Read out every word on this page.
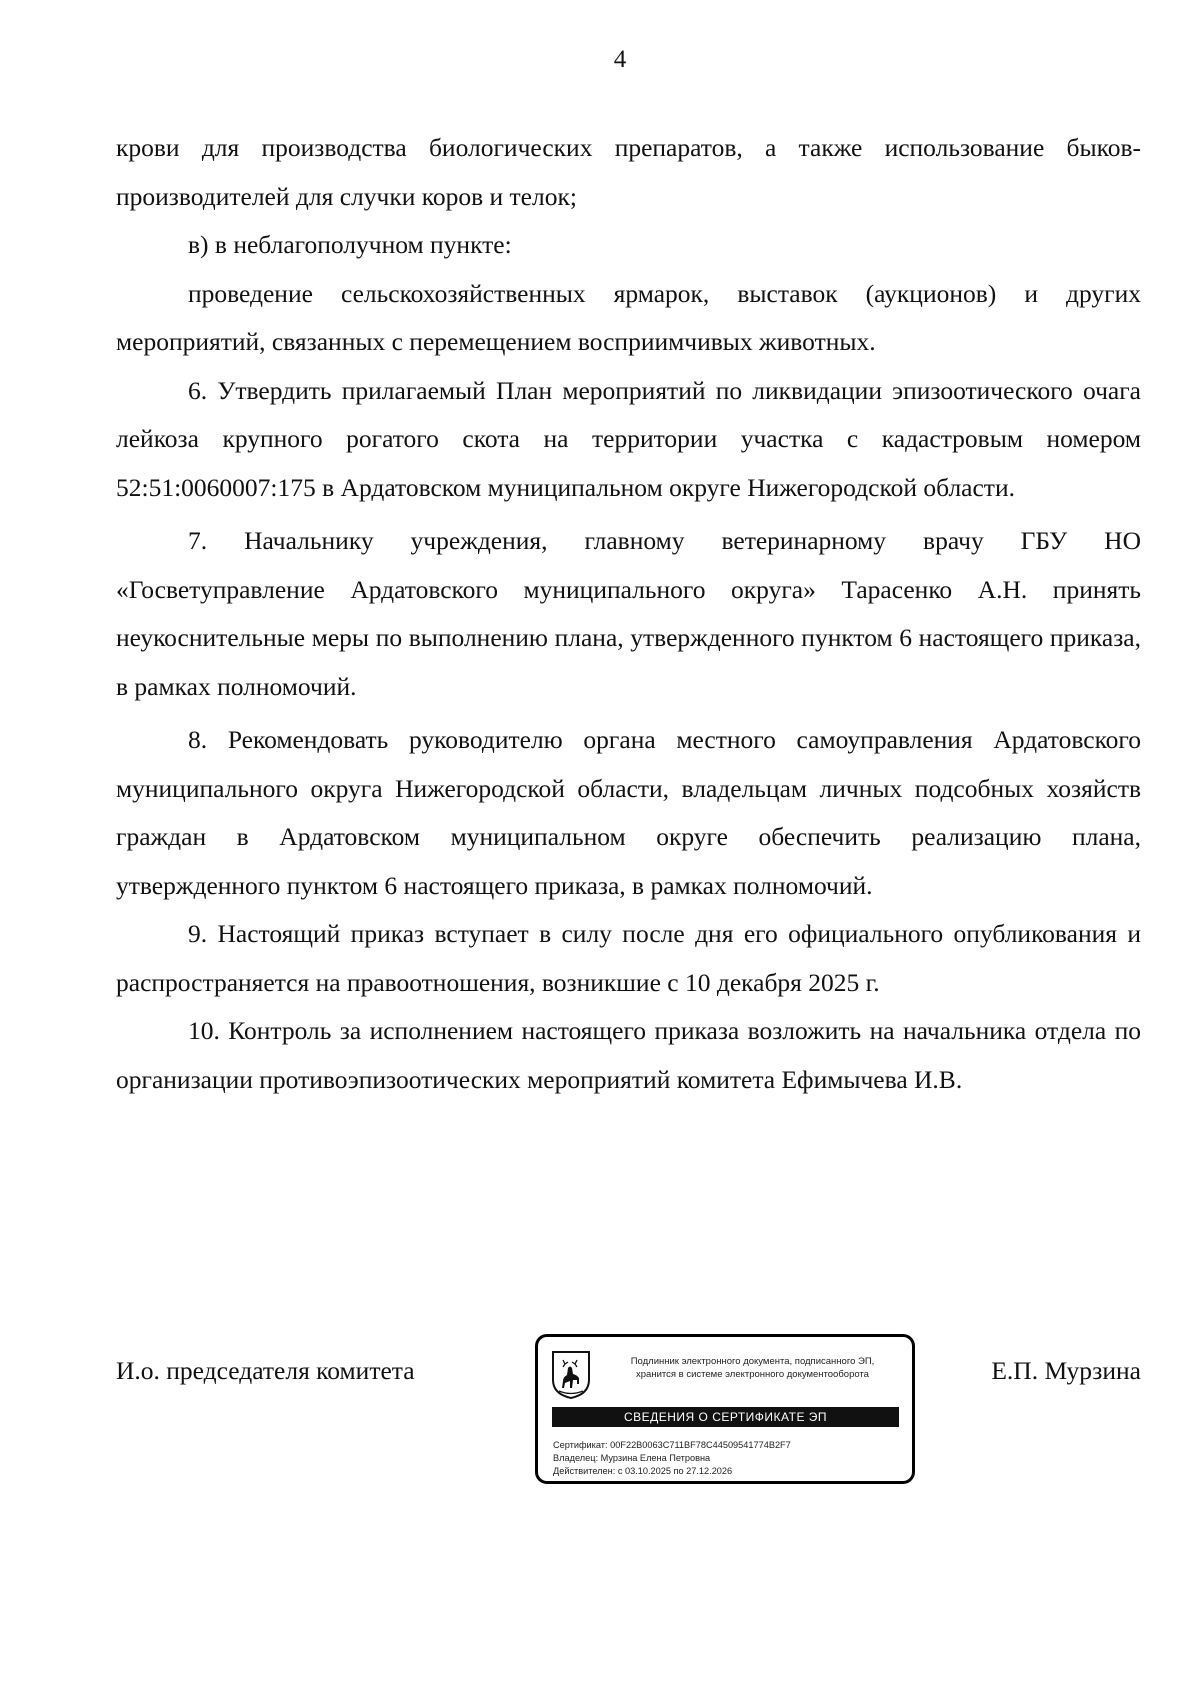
4

крови для производства биологических препаратов, а также использование быков-производителей для случки коров и телок;

в) в неблагополучном пункте:

проведение сельскохозяйственных ярмарок, выставок (аукционов) и других мероприятий, связанных с перемещением восприимчивых животных.

6. Утвердить прилагаемый План мероприятий по ликвидации эпизоотического очага лейкоза крупного рогатого скота на территории участка с кадастровым номером 52:51:0060007:175 в Ардатовском муниципальном округе Нижегородской области.

7. Начальнику учреждения, главному ветеринарному врачу ГБУ НО «Госветуправление Ардатовского муниципального округа» Тарасенко А.Н. принять неукоснительные меры по выполнению плана, утвержденного пунктом 6 настоящего приказа, в рамках полномочий.

8. Рекомендовать руководителю органа местного самоуправления Ардатовского муниципального округа Нижегородской области, владельцам личных подсобных хозяйств граждан в Ардатовском муниципальном округе обеспечить реализацию плана, утвержденного пунктом 6 настоящего приказа, в рамках полномочий.

9. Настоящий приказ вступает в силу после дня его официального опубликования и распространяется на правоотношения, возникшие с 10 декабря 2025 г.

10. Контроль за исполнением настоящего приказа возложить на начальника отдела по организации противоэпизоотических мероприятий комитета Ефимычева И.В.

И.о. председателя комитета	Подлинник электронного документа, подписанного ЭП,
хранится в системе электронного документооборота
СВЕДЕНИЯ О СЕРТИФИКАТЕ ЭП
Сертификат: 00F22B0063C711BF78C44509541774B2F7
Владелец: Мурзина Елена Петровна
Действителен: с 03.10.2025 по 27.12.2026
Е.П. Мурзина
